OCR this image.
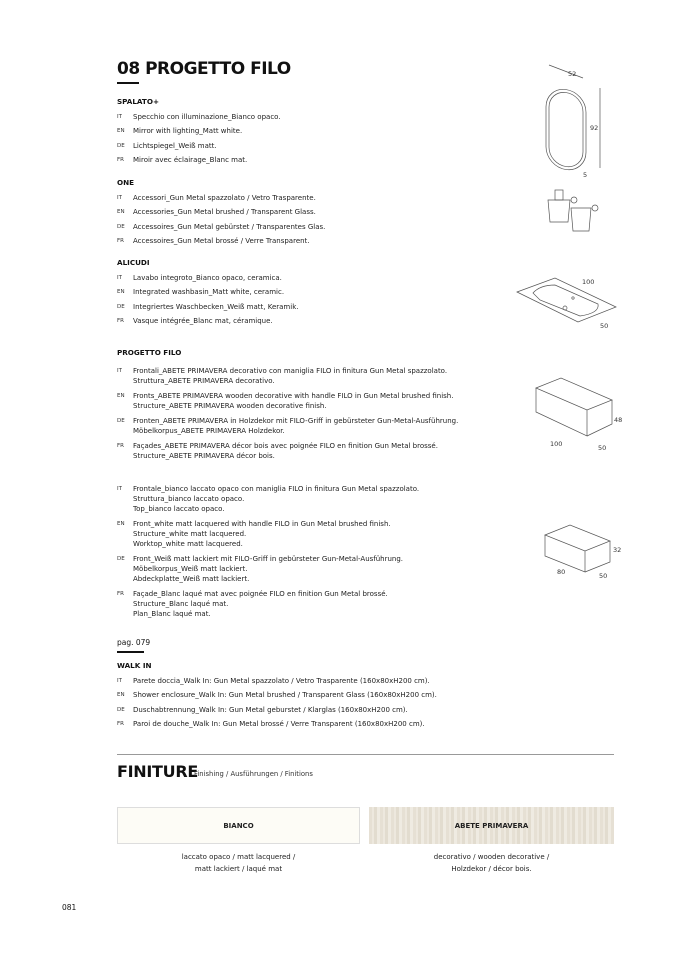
08 PROGETTO FILO
SPALATO+
IT	Specchio con illuminazione_Bianco opaco.
EN	Mirror with lighting_Matt white.
DE	Lichtspiegel_Weiß matt.
FR	Miroir avec éclairage_Blanc mat.
ONE
IT	Accessori_Gun Metal spazzolato / Vetro Trasparente.
EN	Accessories_Gun Metal brushed / Transparent Glass.
DE	Accessoires_Gun Metal gebürstet / Transparentes Glas.
FR	Accessoires_Gun Metal brossé / Verre Transparent.
ALICUDI
IT	Lavabo integroto_Bianco opaco, ceramica.
EN	Integrated washbasin_Matt white, ceramic.
DE	Integriertes Waschbecken_Weiß matt, Keramik.
FR	Vasque intégrée_Blanc mat, céramique.
PROGETTO FILO
IT	Frontali_ABETE PRIMAVERA decorativo con maniglia FILO in finitura Gun Metal spazzolato.
Struttura_ABETE PRIMAVERA decorativo.
EN	Fronts_ABETE PRIMAVERA wooden decorative with handle FILO in Gun Metal brushed finish.
Structure_ABETE PRIMAVERA wooden decorative finish.
DE	Fronten_ABETE PRIMAVERA in Holzdekor mit FILO-Griff in gebürsteter Gun-Metal-Ausführung.
Möbelkorpus_ABETE PRIMAVERA Holzdekor.
FR	Façades_ABETE PRIMAVERA décor bois avec poignée FILO en finition Gun Metal brossé.
Structure_ABETE PRIMAVERA décor bois.
IT	Frontale_bianco laccato opaco con maniglia FILO in finitura Gun Metal spazzolato.
Struttura_bianco laccato opaco.
Top_bianco laccato opaco.
EN	Front_white matt lacquered with handle FILO in Gun Metal brushed finish.
Structure_white matt lacquered.
Worktop_white matt lacquered.
DE	Front_Weiß matt lackiert mit FILO-Griff in gebürsteter Gun-Metal-Ausführung.
Möbelkorpus_Weiß matt lackiert.
Abdeckplatte_Weiß matt lackiert.
FR	Façade_Blanc laqué mat avec poignée FILO en finition Gun Metal brossé.
Structure_Blanc laqué mat.
Plan_Blanc laqué mat.
WALK IN
IT	Parete doccia_Walk In: Gun Metal spazzolato / Vetro Trasparente (160x80xH200 cm).
EN	Shower enclosure_Walk In: Gun Metal brushed / Transparent Glass (160x80xH200 cm).
DE	Duschabtrennung_Walk In: Gun Metal geburstet / Klarglas (160x80xH200 cm).
FR	Paroi de douche_Walk In: Gun Metal brossé / Verre Transparent (160x80xH200 cm).
pag. 079
FINITURE
Finishing / Ausführungen / Finitions
BIANCO	ABETE PRIMAVERA
laccato opaco / matt lacquered /
matt lackiert / laqué mat
decorativo / wooden decorative /
Holzdekor / décor bois.
081
52
92
5
100
50
48
100	50
32
80	50
